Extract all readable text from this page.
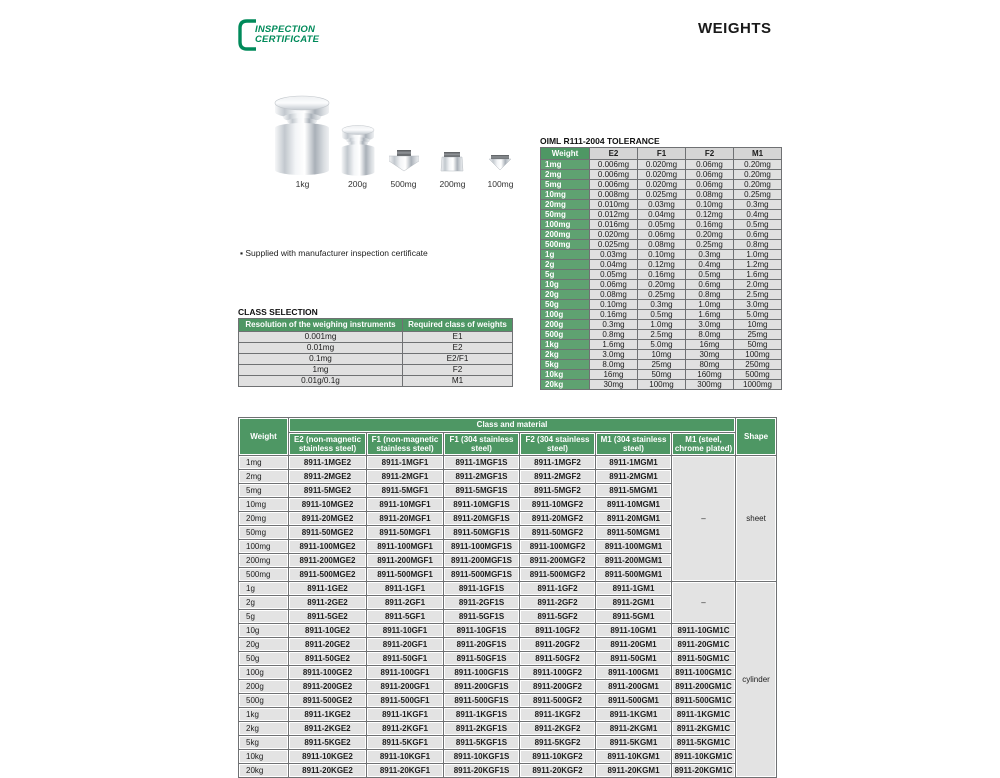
INSPECTION
CERTIFICATE
WEIGHTS
1kg	200g	500mg	200mg	100mg
OIML R111-2004 TOLERANCE
Weight	E2	F1	F2	M1
1mg	0.006mg	0.020mg	0.06mg	0.20mg
2mg	0.006mg	0.020mg	0.06mg	0.20mg
5mg	0.006mg	0.020mg	0.06mg	0.20mg
10mg	0.008mg	0.025mg	0.08mg	0.25mg
20mg	0.010mg	0.03mg	0.10mg	0.3mg
50mg	0.012mg	0.04mg	0.12mg	0.4mg
100mg	0.016mg	0.05mg	0.16mg	0.5mg
200mg	0.020mg	0.06mg	0.20mg	0.6mg
500mg	0.025mg	0.08mg	0.25mg	0.8mg
1g	0.03mg	0.10mg	0.3mg	1.0mg
2g	0.04mg	0.12mg	0.4mg	1.2mg
5g	0.05mg	0.16mg	0.5mg	1.6mg
10g	0.06mg	0.20mg	0.6mg	2.0mg
20g	0.08mg	0.25mg	0.8mg	2.5mg
50g	0.10mg	0.3mg	1.0mg	3.0mg
100g	0.16mg	0.5mg	1.6mg	5.0mg
200g	0.3mg	1.0mg	3.0mg	10mg
500g	0.8mg	2.5mg	8.0mg	25mg
1kg	1.6mg	5.0mg	16mg	50mg
2kg	3.0mg	10mg	30mg	100mg
5kg	8.0mg	25mg	80mg	250mg
10kg	16mg	50mg	160mg	500mg
20kg	30mg	100mg	300mg	1000mg
▪ Supplied with manufacturer inspection certificate
CLASS SELECTION
Resolution of the weighing instruments	Required class of weights
0.001mg	E1
0.01mg	E2
0.1mg	E2/F1
1mg	F2
0.01g/0.1g	M1
Weight	Class and material						Shape
	E2 (non-magnetic stainless steel)	F1 (non-magnetic stainless steel)	F1 (304 stainless steel)	F2 (304 stainless steel)	M1 (304 stainless steel)	M1 (steel, chrome plated)	
1mg	8911-1MGE2	8911-1MGF1	8911-1MGF1S	8911-1MGF2	8911-1MGM1	–	sheet
2mg	8911-2MGE2	8911-2MGF1	8911-2MGF1S	8911-2MGF2	8911-2MGM1		
5mg	8911-5MGE2	8911-5MGF1	8911-5MGF1S	8911-5MGF2	8911-5MGM1		
10mg	8911-10MGE2	8911-10MGF1	8911-10MGF1S	8911-10MGF2	8911-10MGM1		
20mg	8911-20MGE2	8911-20MGF1	8911-20MGF1S	8911-20MGF2	8911-20MGM1		
50mg	8911-50MGE2	8911-50MGF1	8911-50MGF1S	8911-50MGF2	8911-50MGM1		
100mg	8911-100MGE2	8911-100MGF1	8911-100MGF1S	8911-100MGF2	8911-100MGM1		
200mg	8911-200MGE2	8911-200MGF1	8911-200MGF1S	8911-200MGF2	8911-200MGM1		
500mg	8911-500MGE2	8911-500MGF1	8911-500MGF1S	8911-500MGF2	8911-500MGM1		
1g	8911-1GE2	8911-1GF1	8911-1GF1S	8911-1GF2	8911-1GM1	–	cylinder
2g	8911-2GE2	8911-2GF1	8911-2GF1S	8911-2GF2	8911-2GM1		
5g	8911-5GE2	8911-5GF1	8911-5GF1S	8911-5GF2	8911-5GM1		
10g	8911-10GE2	8911-10GF1	8911-10GF1S	8911-10GF2	8911-10GM1	8911-10GM1C	
20g	8911-20GE2	8911-20GF1	8911-20GF1S	8911-20GF2	8911-20GM1	8911-20GM1C	
50g	8911-50GE2	8911-50GF1	8911-50GF1S	8911-50GF2	8911-50GM1	8911-50GM1C	
100g	8911-100GE2	8911-100GF1	8911-100GF1S	8911-100GF2	8911-100GM1	8911-100GM1C	
200g	8911-200GE2	8911-200GF1	8911-200GF1S	8911-200GF2	8911-200GM1	8911-200GM1C	
500g	8911-500GE2	8911-500GF1	8911-500GF1S	8911-500GF2	8911-500GM1	8911-500GM1C	
1kg	8911-1KGE2	8911-1KGF1	8911-1KGF1S	8911-1KGF2	8911-1KGM1	8911-1KGM1C	
2kg	8911-2KGE2	8911-2KGF1	8911-2KGF1S	8911-2KGF2	8911-2KGM1	8911-2KGM1C	
5kg	8911-5KGE2	8911-5KGF1	8911-5KGF1S	8911-5KGF2	8911-5KGM1	8911-5KGM1C	
10kg	8911-10KGE2	8911-10KGF1	8911-10KGF1S	8911-10KGF2	8911-10KGM1	8911-10KGM1C	
20kg	8911-20KGE2	8911-20KGF1	8911-20KGF1S	8911-20KGF2	8911-20KGM1	8911-20KGM1C	
